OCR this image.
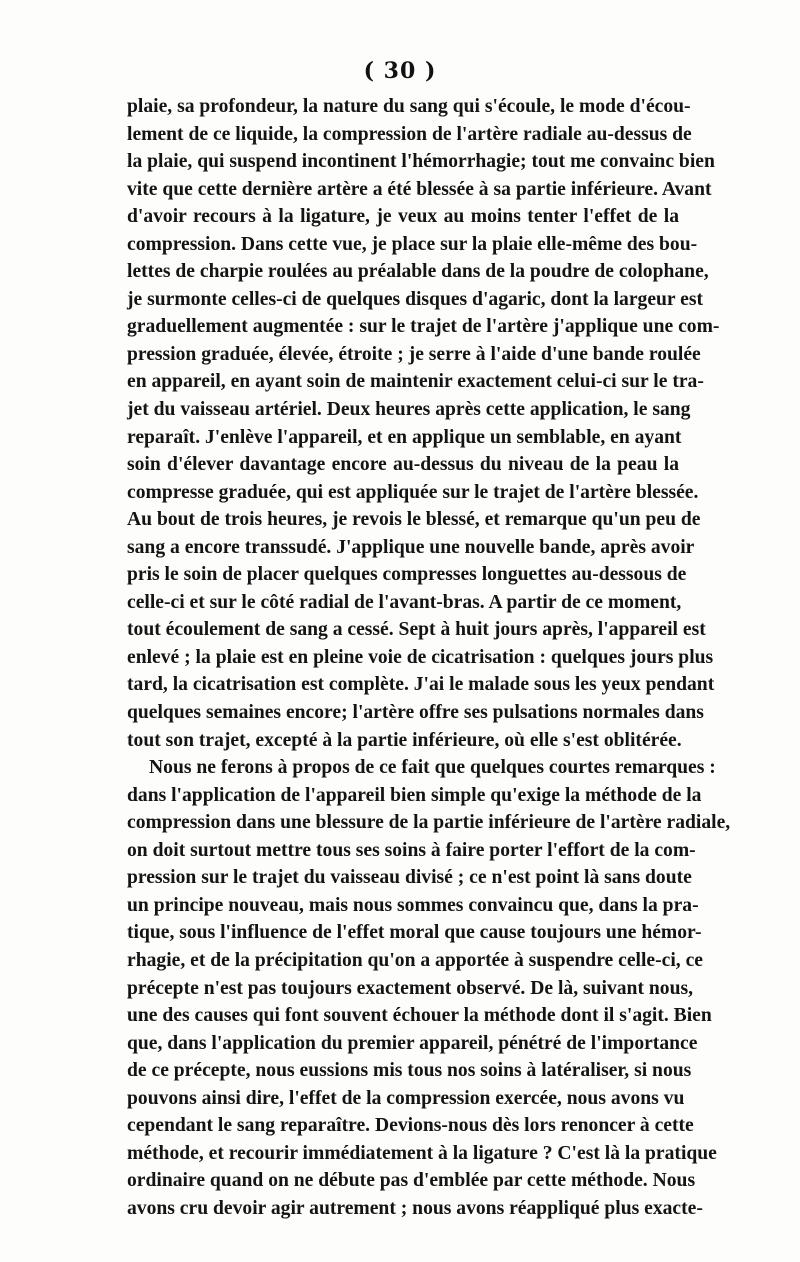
( 30 )
plaie, sa profondeur, la nature du sang qui s'écoule, le mode d'écou-
lement de ce liquide, la compression de l'artère radiale au-dessus de
la plaie, qui suspend incontinent l'hémorrhagie; tout me convainc bien
vite que cette dernière artère a été blessée à sa partie inférieure. Avant
d'avoir recours à la ligature, je veux au moins tenter l'effet de la
compression. Dans cette vue, je place sur la plaie elle-même des bou-
lettes de charpie roulées au préalable dans de la poudre de colophane,
je surmonte celles-ci de quelques disques d'agaric, dont la largeur est
graduellement augmentée : sur le trajet de l'artère j'applique une com-
pression graduée, élevée, étroite ; je serre à l'aide d'une bande roulée
en appareil, en ayant soin de maintenir exactement celui-ci sur le tra-
jet du vaisseau artériel. Deux heures après cette application, le sang
reparaît. J'enlève l'appareil, et en applique un semblable, en ayant
soin d'élever davantage encore au-dessus du niveau de la peau la
compresse graduée, qui est appliquée sur le trajet de l'artère blessée.
Au bout de trois heures, je revois le blessé, et remarque qu'un peu de
sang a encore transsudé. J'applique une nouvelle bande, après avoir
pris le soin de placer quelques compresses longuettes au-dessous de
celle-ci et sur le côté radial de l'avant-bras. A partir de ce moment,
tout écoulement de sang a cessé. Sept à huit jours après, l'appareil est
enlevé ; la plaie est en pleine voie de cicatrisation : quelques jours plus
tard, la cicatrisation est complète. J'ai le malade sous les yeux pendant
quelques semaines encore; l'artère offre ses pulsations normales dans
tout son trajet, excepté à la partie inférieure, où elle s'est oblitérée.
Nous ne ferons à propos de ce fait que quelques courtes remarques :
dans l'application de l'appareil bien simple qu'exige la méthode de la
compression dans une blessure de la partie inférieure de l'artère radiale,
on doit surtout mettre tous ses soins à faire porter l'effort de la com-
pression sur le trajet du vaisseau divisé ; ce n'est point là sans doute
un principe nouveau, mais nous sommes convaincu que, dans la pra-
tique, sous l'influence de l'effet moral que cause toujours une hémor-
rhagie, et de la précipitation qu'on a apportée à suspendre celle-ci, ce
précepte n'est pas toujours exactement observé. De là, suivant nous,
une des causes qui font souvent échouer la méthode dont il s'agit. Bien
que, dans l'application du premier appareil, pénétré de l'importance
de ce précepte, nous eussions mis tous nos soins à latéraliser, si nous
pouvons ainsi dire, l'effet de la compression exercée, nous avons vu
cependant le sang reparaître. Devions-nous dès lors renoncer à cette
méthode, et recourir immédiatement à la ligature ? C'est là la pratique
ordinaire quand on ne débute pas d'emblée par cette méthode. Nous
avons cru devoir agir autrement ; nous avons réappliqué plus exacte-
